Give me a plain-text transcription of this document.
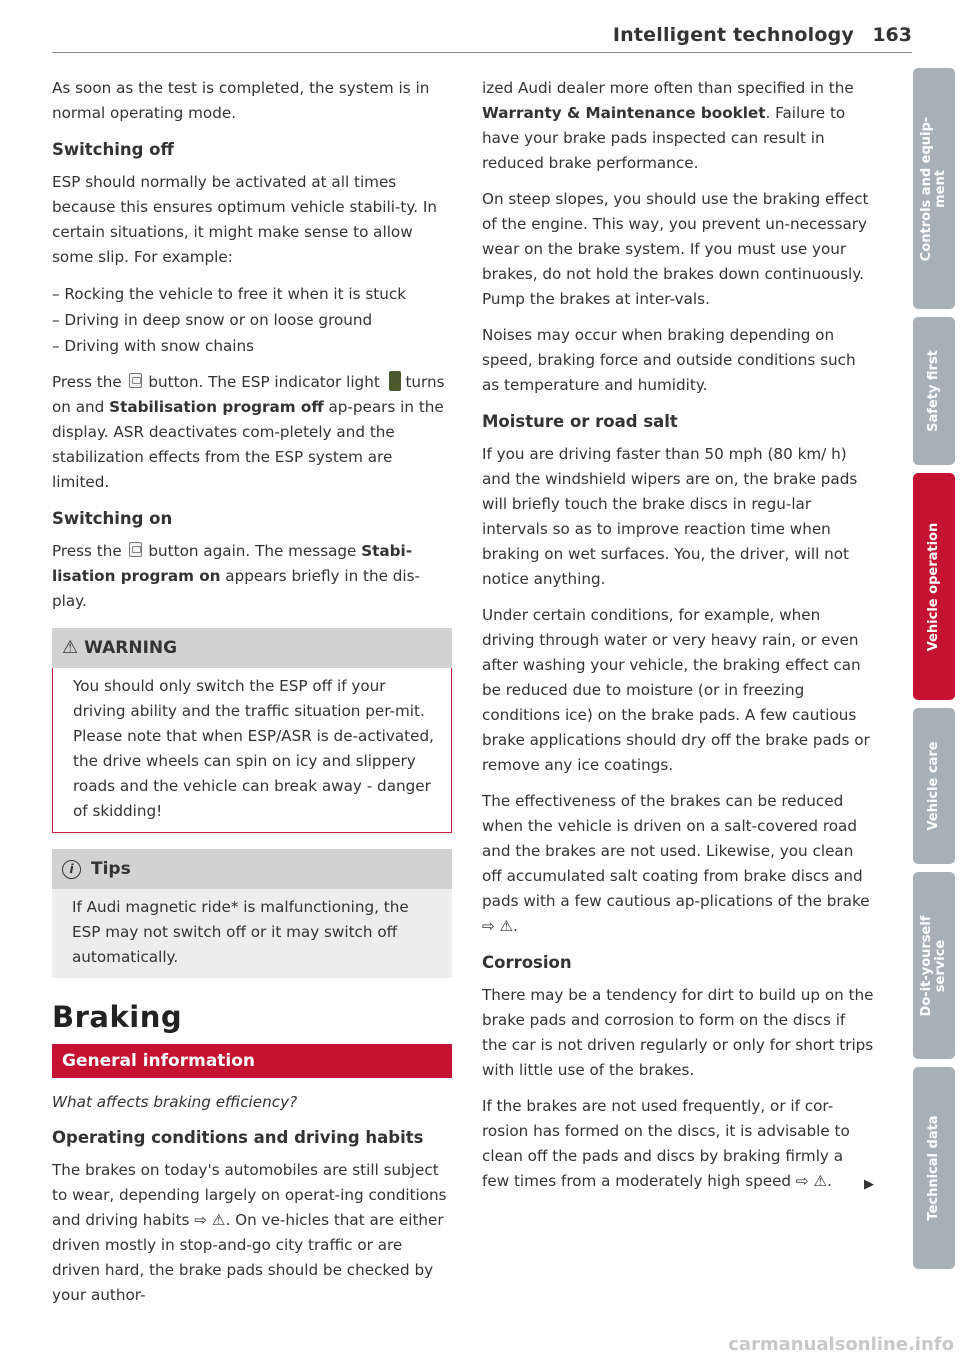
Intelligent technology 163

As soon as the test is completed, the system is in normal operating mode.

Switching off

ESP should normally be activated at all times because this ensures optimum vehicle stabili-ty. In certain situations, it might make sense to allow some slip. For example:

– Rocking the vehicle to free it when it is stuck
– Driving in deep snow or on loose ground
– Driving with snow chains

Press the button. The ESP indicator light turns on and Stabilisation program off ap-pears in the display. ASR deactivates com-pletely and the stabilization effects from the ESP system are limited.

Switching on

Press the button again. The message Stabi-lisation program on appears briefly in the dis-play.

⚠ WARNING

You should only switch the ESP off if your driving ability and the traffic situation per-mit. Please note that when ESP/ASR is de-activated, the drive wheels can spin on icy and slippery roads and the vehicle can break away - danger of skidding!

i Tips

If Audi magnetic ride* is malfunctioning, the ESP may not switch off or it may switch off automatically.

Braking
General information

What affects braking efficiency?

Operating conditions and driving habits

The brakes on today's automobiles are still subject to wear, depending largely on operat-ing conditions and driving habits ⇨ ⚠. On ve-hicles that are either driven mostly in stop-and-go city traffic or are driven hard, the brake pads should be checked by your author-

ized Audi dealer more often than specified in the Warranty & Maintenance booklet. Failure to have your brake pads inspected can result in reduced brake performance.

On steep slopes, you should use the braking effect of the engine. This way, you prevent un-necessary wear on the brake system. If you must use your brakes, do not hold the brakes down continuously. Pump the brakes at inter-vals.

Noises may occur when braking depending on speed, braking force and outside conditions such as temperature and humidity.

Moisture or road salt

If you are driving faster than 50 mph (80 km/ h) and the windshield wipers are on, the brake pads will briefly touch the brake discs in regu-lar intervals so as to improve reaction time when braking on wet surfaces. You, the driver, will not notice anything.

Under certain conditions, for example, when driving through water or very heavy rain, or even after washing your vehicle, the braking effect can be reduced due to moisture (or in freezing conditions ice) on the brake pads. A few cautious brake applications should dry off the brake pads or remove any ice coatings.

The effectiveness of the brakes can be reduced when the vehicle is driven on a salt-covered road and the brakes are not used. Likewise, you clean off accumulated salt coating from brake discs and pads with a few cautious ap-plications of the brake ⇨ ⚠.

Corrosion

There may be a tendency for dirt to build up on the brake pads and corrosion to form on the discs if the car is not driven regularly or only for short trips with little use of the brakes.

If the brakes are not used frequently, or if cor-rosion has formed on the discs, it is advisable to clean off the pads and discs by braking firmly a few times from a moderately high speed ⇨ ⚠. ▶

Controls and equip- ment
Safety first
Vehicle operation
Vehicle care
Do-it-yourself service
Technical data
carmanualsonline.info
